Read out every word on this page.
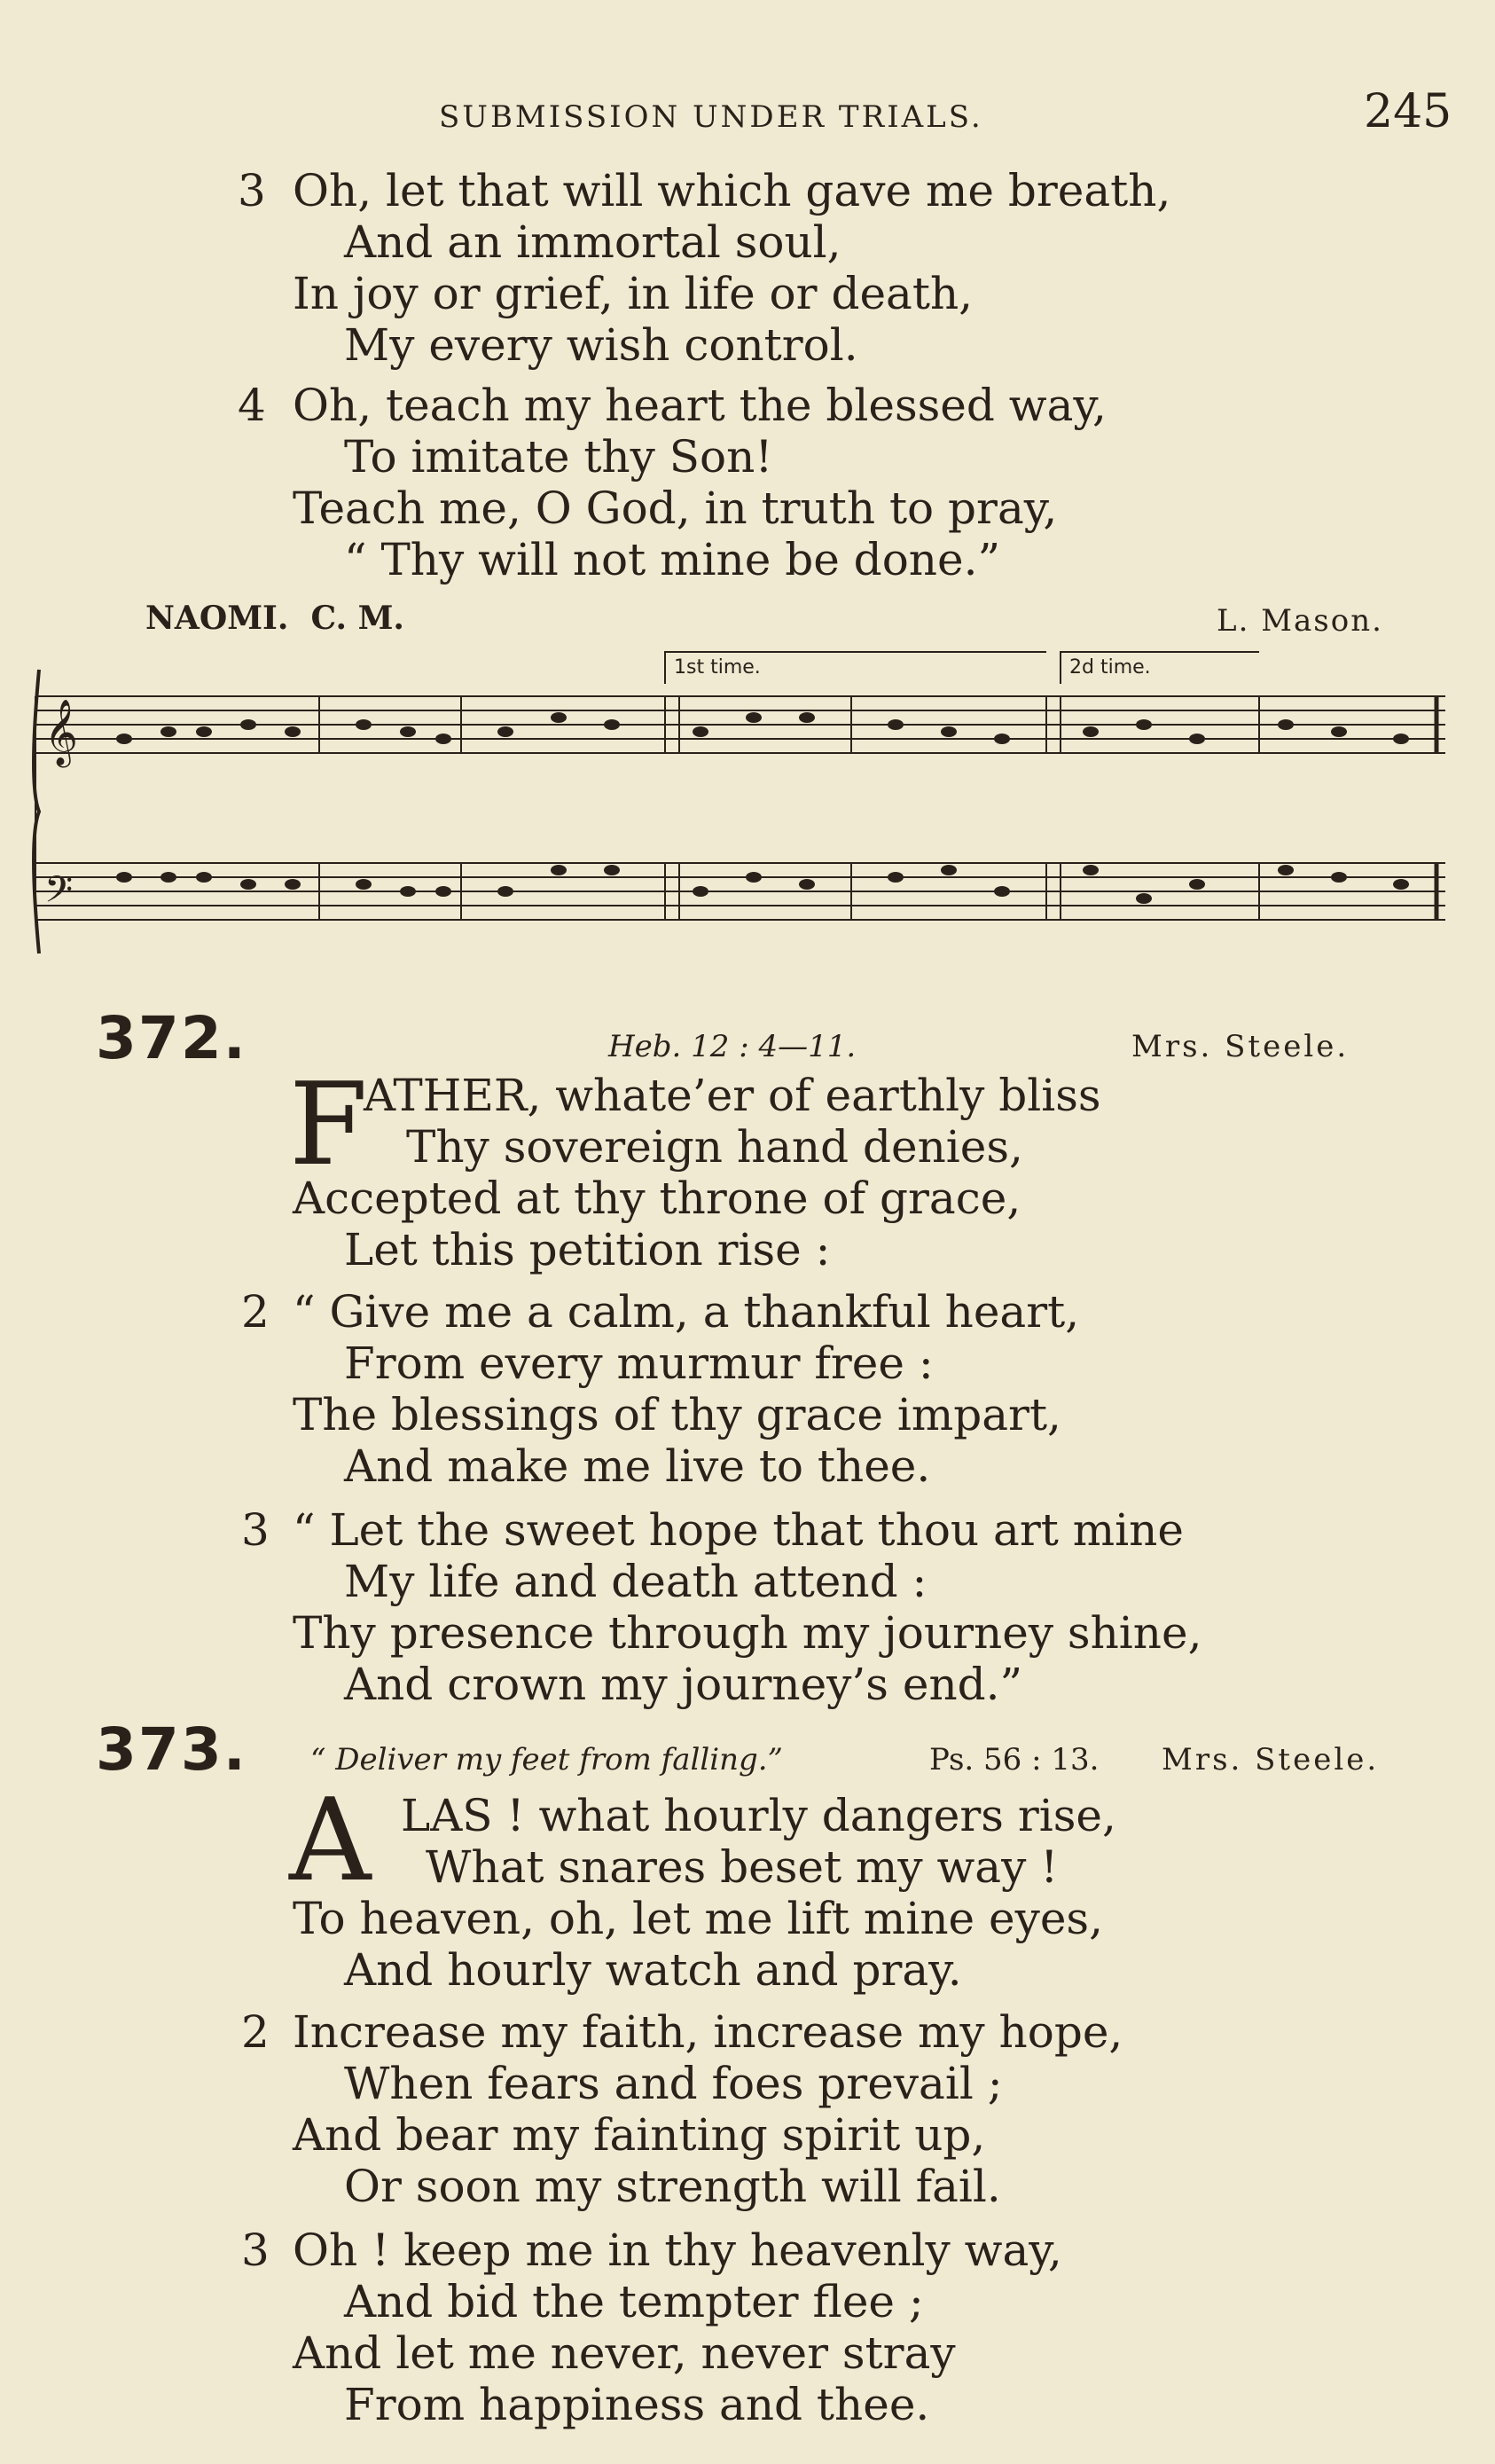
SUBMISSION UNDER TRIALS.	245
3 Oh, let that will which gave me breath,
And an immortal soul,
In joy or grief, in life or death,
My every wish control.
4 Oh, teach my heart the blessed way,
To imitate thy Son!
Teach me, O God, in truth to pray,
“ Thy will not mine be done.”
NAOMI. C. M.	L. Mason.
𝄞
𝄢
1st time.	2d time.
372.	Heb. 12 : 4—11.	Mrs. Steele.
F
ATHER, whate’er of earthly bliss
Thy sovereign hand denies,
Accepted at thy throne of grace,
Let this petition rise :
2 “ Give me a calm, a thankful heart,
From every murmur free :
The blessings of thy grace impart,
And make me live to thee.
3 “ Let the sweet hope that thou art mine
My life and death attend :
Thy presence through my journey shine,
And crown my journey’s end.”
373. “ Deliver my feet from falling.”	Ps. 56 : 13. Mrs. Steele.
A LAS ! what hourly dangers rise,
What snares beset my way !
To heaven, oh, let me lift mine eyes,
And hourly watch and pray.
2 Increase my faith, increase my hope,
When fears and foes prevail ;
And bear my fainting spirit up,
Or soon my strength will fail.
3 Oh ! keep me in thy heavenly way,
And bid the tempter flee ;
And let me never, never stray
From happiness and thee.
